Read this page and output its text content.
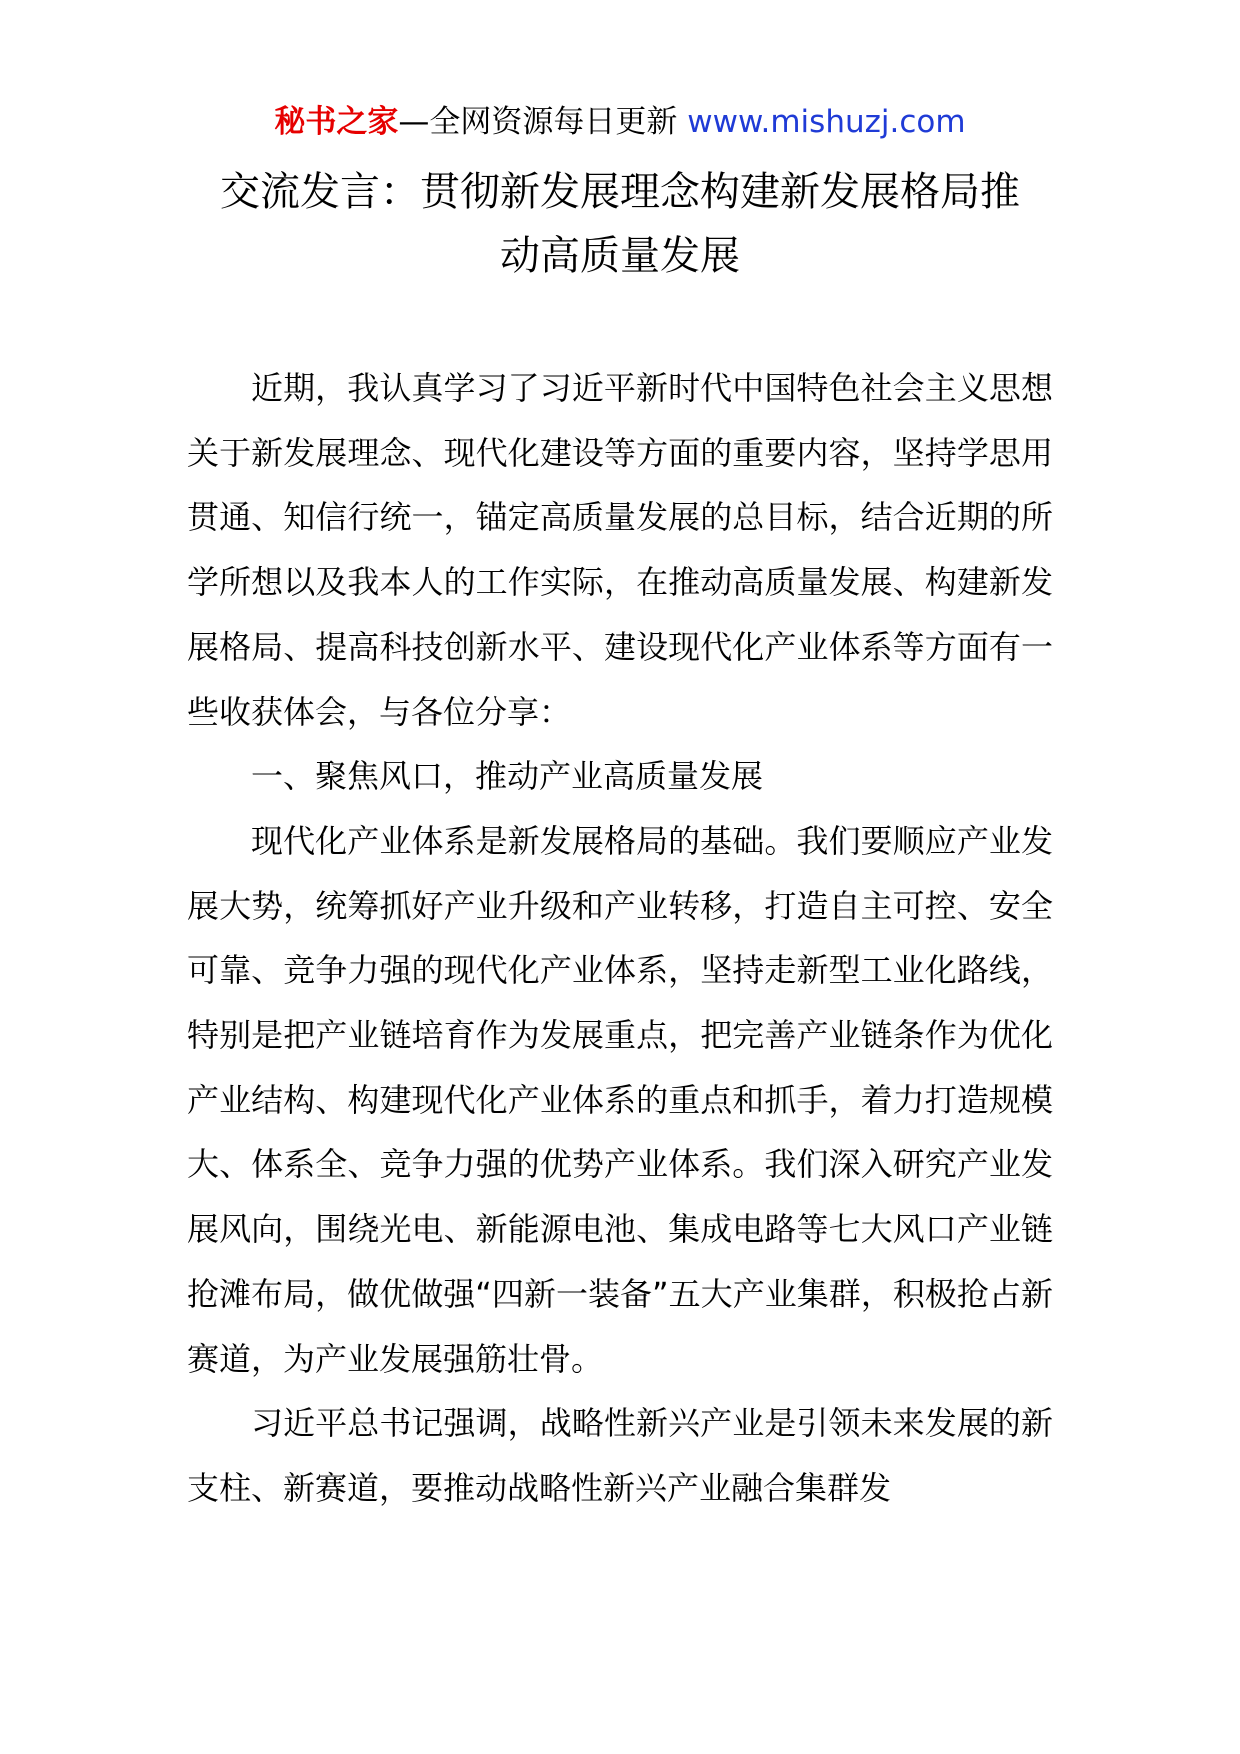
秘书之家—全网资源每日更新 www.mishuzj.com
交流发言：贯彻新发展理念构建新发展格局推
动高质量发展

近期，我认真学习了习近平新时代中国特色社会主义思想关于新发展理念、现代化建设等方面的重要内容，坚持学思用贯通、知信行统一，锚定高质量发展的总目标，结合近期的所学所想以及我本人的工作实际，在推动高质量发展、构建新发展格局、提高科技创新水平、建设现代化产业体系等方面有一些收获体会，与各位分享：

一、聚焦风口，推动产业高质量发展

现代化产业体系是新发展格局的基础。我们要顺应产业发展大势，统筹抓好产业升级和产业转移，打造自主可控、安全可靠、竞争力强的现代化产业体系，坚持走新型工业化路线，特别是把产业链培育作为发展重点，把完善产业链条作为优化产业结构、构建现代化产业体系的重点和抓手，着力打造规模大、体系全、竞争力强的优势产业体系。我们深入研究产业发展风向，围绕光电、新能源电池、集成电路等七大风口产业链抢滩布局，做优做强“四新一装备”五大产业集群，积极抢占新赛道，为产业发展强筋壮骨。

习近平总书记强调，战略性新兴产业是引领未来发展的新支柱、新赛道，要推动战略性新兴产业融合集群发
